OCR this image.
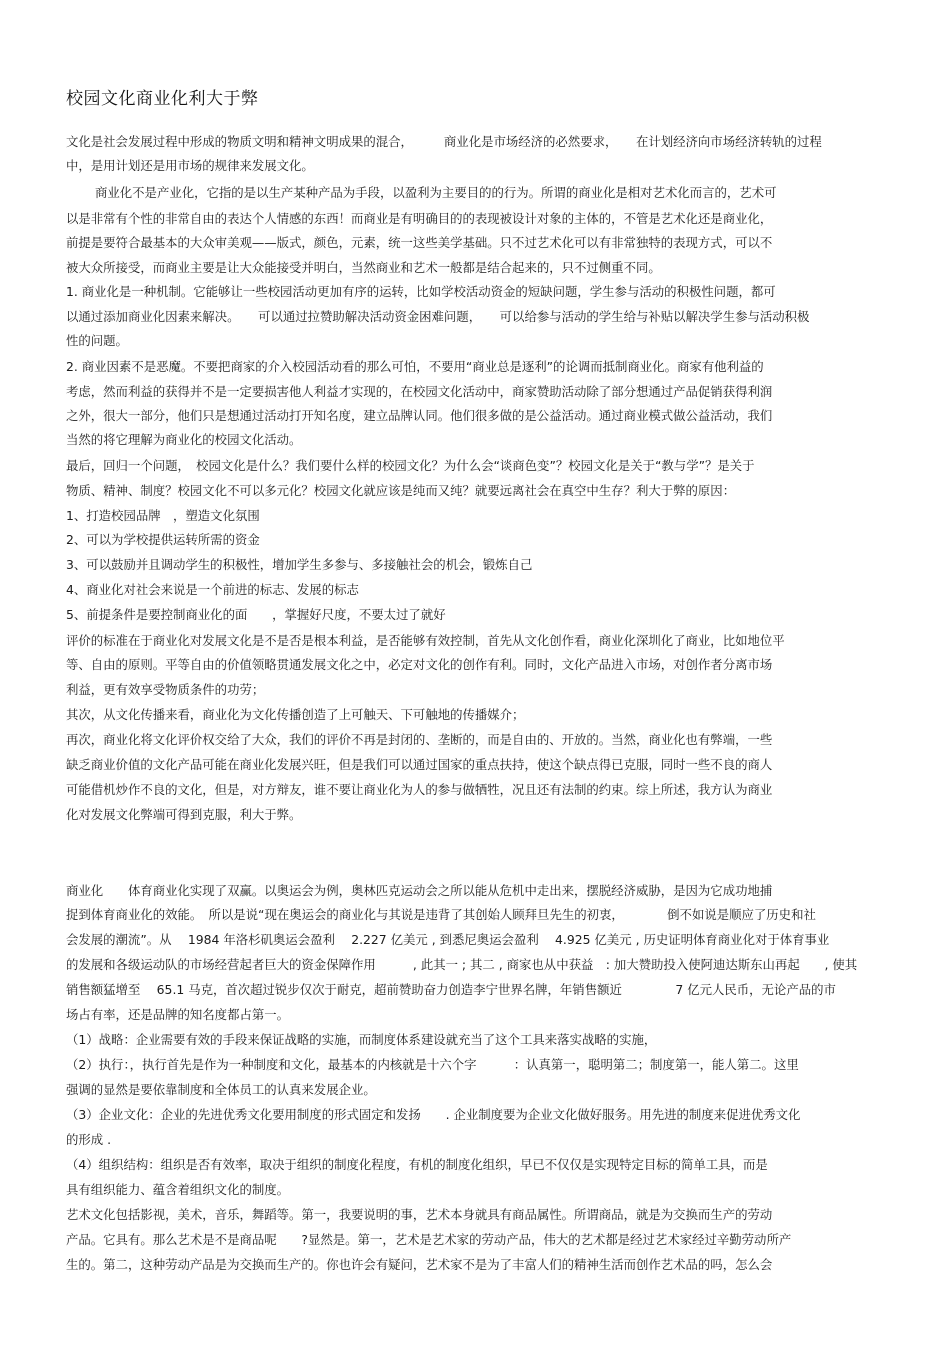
校园文化商业化利大于弊
文化是社会发展过程中形成的物质文明和精神文明成果的混合，　　　商业化是市场经济的必然要求，　　在计划经济向市场经济转轨的过程
中，是用计划还是用市场的规律来发展文化。
商业化不是产业化，它指的是以生产某种产品为手段，以盈利为主要目的的行为。所谓的商业化是相对艺术化而言的，艺术可
以是非常有个性的非常自由的表达个人情感的东西！而商业是有明确目的的表现被设计对象的主体的，不管是艺术化还是商业化，
前提是要符合最基本的大众审美观——版式，颜色，元素，统一这些美学基础。只不过艺术化可以有非常独特的表现方式，可以不
被大众所接受，而商业主要是让大众能接受并明白，当然商业和艺术一般都是结合起来的，只不过侧重不同。
1. 商业化是一种机制。它能够让一些校园活动更加有序的运转，比如学校活动资金的短缺问题，学生参与活动的积极性问题，都可
以通过添加商业化因素来解决。　　可以通过拉赞助解决活动资金困难问题，　　可以给参与活动的学生给与补贴以解决学生参与活动积极
性的问题。
2. 商业因素不是恶魔。不要把商家的介入校园活动看的那么可怕，不要用“商业总是逐利”的论调而抵制商业化。商家有他利益的
考虑，然而利益的获得并不是一定要损害他人利益才实现的，在校园文化活动中，商家赞助活动除了部分想通过产品促销获得利润
之外，很大一部分，他们只是想通过活动打开知名度，建立品牌认同。他们很多做的是公益活动。通过商业模式做公益活动，我们
当然的将它理解为商业化的校园文化活动。
最后，回归一个问题，　校园文化是什么？我们要什么样的校园文化？为什么会“谈商色变”？校园文化是关于“教与学”？是关于
物质、精神、制度？校园文化不可以多元化？校园文化就应该是纯而又纯？就要远离社会在真空中生存？利大于弊的原因：
1、打造校园品牌　，塑造文化氛围
2、可以为学校提供运转所需的资金
3、可以鼓励并且调动学生的积极性，增加学生多参与、多接触社会的机会，锻炼自己
4、商业化对社会来说是一个前进的标志、发展的标志
5、前提条件是要控制商业化的面　　，掌握好尺度，不要太过了就好
评价的标准在于商业化对发展文化是不是否是根本利益，是否能够有效控制，首先从文化创作看，商业化深圳化了商业，比如地位平
等、自由的原则。平等自由的价值领略贯通发展文化之中，必定对文化的创作有利。同时，文化产品进入市场，对创作者分离市场
利益，更有效享受物质条件的功劳；
其次，从文化传播来看，商业化为文化传播创造了上可触天、下可触地的传播媒介；
再次，商业化将文化评价权交给了大众，我们的评价不再是封闭的、垄断的，而是自由的、开放的。当然，商业化也有弊端，一些
缺乏商业价值的文化产品可能在商业化发展兴旺，但是我们可以通过国家的重点扶持，使这个缺点得已克服，同时一些不良的商人
可能借机炒作不良的文化，但是，对方辩友，谁不要让商业化为人的参与做牺牲，况且还有法制的约束。综上所述，我方认为商业
化对发展文化弊端可得到克服，利大于弊。
商业化　　体育商业化实现了双赢。以奥运会为例，奥林匹克运动会之所以能从危机中走出来，摆脱经济威胁，是因为它成功地捕
捉到体育商业化的效能。　所以是说“现在奥运会的商业化与其说是违背了其创始人顾拜旦先生的初衷，　　　　倒不如说是顺应了历史和社
会发展的潮流”。从　 1984 年洛杉矶奥运会盈利　 2.227 亿美元 , 到悉尼奥运会盈利　 4.925 亿美元 , 历史证明体育商业化对于体育事业
的发展和各级运动队的市场经营起者巨大的资金保障作用　　　, 此其一 ; 其二 , 商家也从中获益　: 加大赞助投入使阿迪达斯东山再起　　, 使其
销售额猛增至　 65.1 马克，首次超过锐步仅次于耐克，超前赞助奋力创造李宁世界名牌，年销售额近　　　　 7 亿元人民币，无论产品的市
场占有率，还是品牌的知名度都占第一。
（1）战略：企业需要有效的手段来保证战略的实施，而制度体系建设就充当了这个工具来落实战略的实施，
（2）执行：，执行首先是作为一种制度和文化，最基本的内核就是十六个字　　　：认真第一，聪明第二；制度第一，能人第二。这里
强调的显然是要依靠制度和全体员工的认真来发展企业。
（3）企业文化：企业的先进优秀文化要用制度的形式固定和发扬　　. 企业制度要为企业文化做好服务。用先进的制度来促进优秀文化
的形成 .
（4）组织结构：组织是否有效率，取决于组织的制度化程度，有机的制度化组织，早已不仅仅是实现特定目标的简单工具，而是
具有组织能力、蕴含着组织文化的制度。
艺术文化包括影视，美术，音乐，舞蹈等。第一，我要说明的事，艺术本身就具有商品属性。所谓商品，就是为交换而生产的劳动
产品。它具有。那么艺术是不是商品呢　　?显然是。第一，艺术是艺术家的劳动产品，伟大的艺术都是经过艺术家经过辛勤劳动所产
生的。第二，这种劳动产品是为交换而生产的。你也许会有疑问，艺术家不是为了丰富人们的精神生活而创作艺术品的吗，怎么会
